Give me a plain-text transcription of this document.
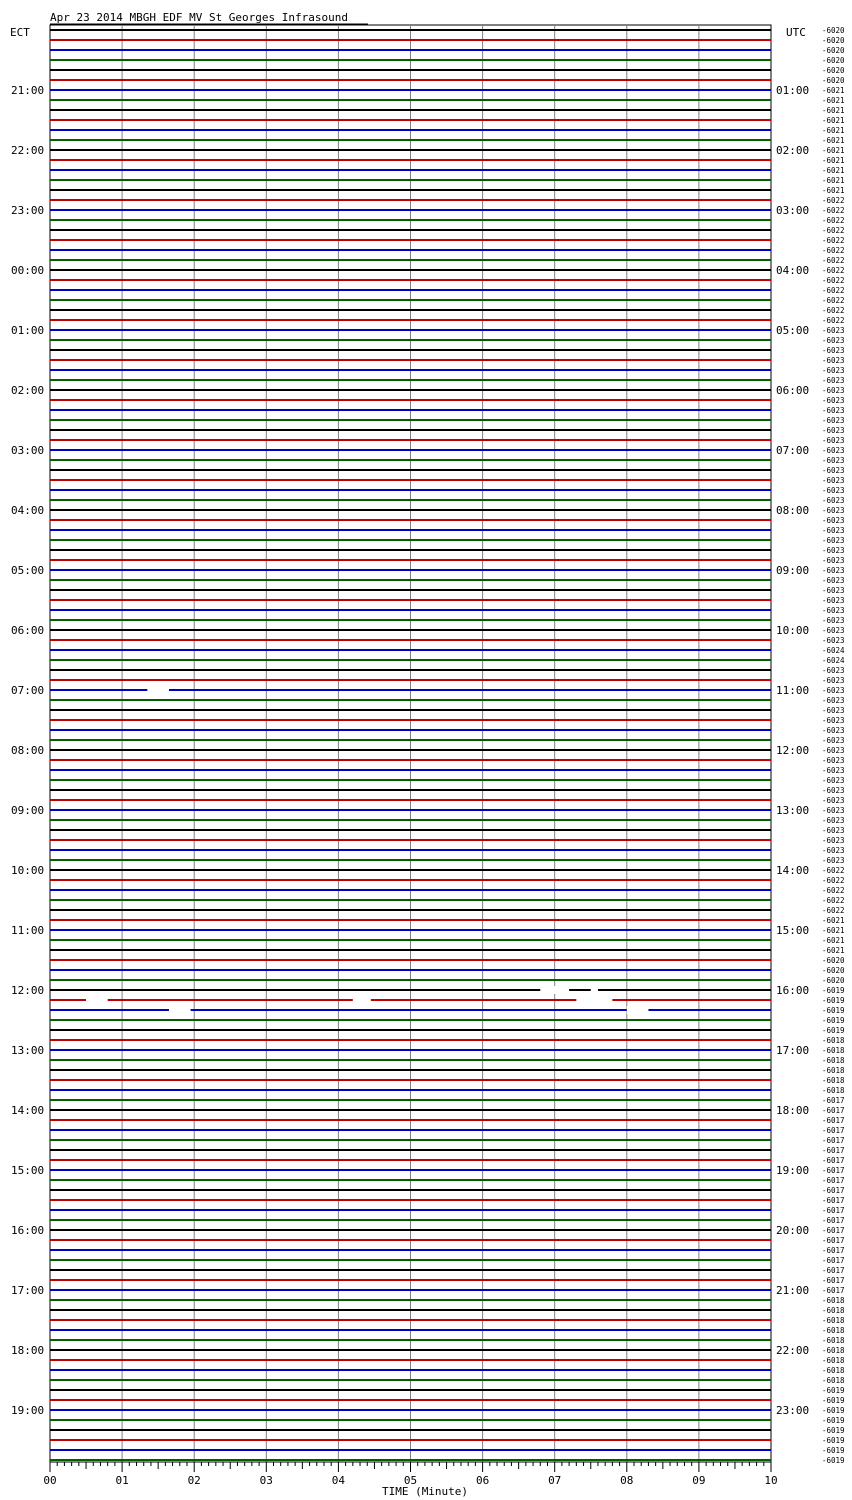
Apr 23 2014 MBGH EDF MV St Georges Infrasound
ECT	UTC
TIME (Minute)
21:00
22:00
23:00
00:00
01:00
02:00
03:00
04:00
05:00
06:00
07:00
08:00
09:00
10:00
11:00
12:00
13:00
14:00
15:00
16:00
17:00
18:00
19:00
01:00
02:00
03:00
04:00
05:00
06:00
07:00
08:00
09:00
10:00
11:00
12:00
13:00
14:00
15:00
16:00
17:00
18:00
19:00
20:00
21:00
22:00
23:00
-6020
-6020
-6020
-6020
-6020
-6020
-6021
-6021
-6021
-6021
-6021
-6021
-6021
-6021
-6021
-6021
-6021
-6022
-6022
-6022
-6022
-6022
-6022
-6022
-6022
-6022
-6022
-6022
-6022
-6022
-6023
-6023
-6023
-6023
-6023
-6023
-6023
-6023
-6023
-6023
-6023
-6023
-6023
-6023
-6023
-6023
-6023
-6023
-6023
-6023
-6023
-6023
-6023
-6023
-6023
-6023
-6023
-6023
-6023
-6023
-6023
-6023
-6024
-6024
-6023
-6023
-6023
-6023
-6023
-6023
-6023
-6023
-6023
-6023
-6023
-6023
-6023
-6023
-6023
-6023
-6023
-6023
-6023
-6023
-6022
-6022
-6022
-6022
-6022
-6021
-6021
-6021
-6021
-6020
-6020
-6020
-6019
-6019
-6019
-6019
-6019
-6018
-6018
-6018
-6018
-6018
-6018
-6017
-6017
-6017
-6017
-6017
-6017
-6017
-6017
-6017
-6017
-6017
-6017
-6017
-6017
-6017
-6017
-6017
-6017
-6017
-6017
-6018
-6018
-6018
-6018
-6018
-6018
-6018
-6018
-6018
-6019
-6019
-6019
-6019
-6019
-6019
-6019
-6019
00	01	02	03	04	05	06	07	08	09	10
